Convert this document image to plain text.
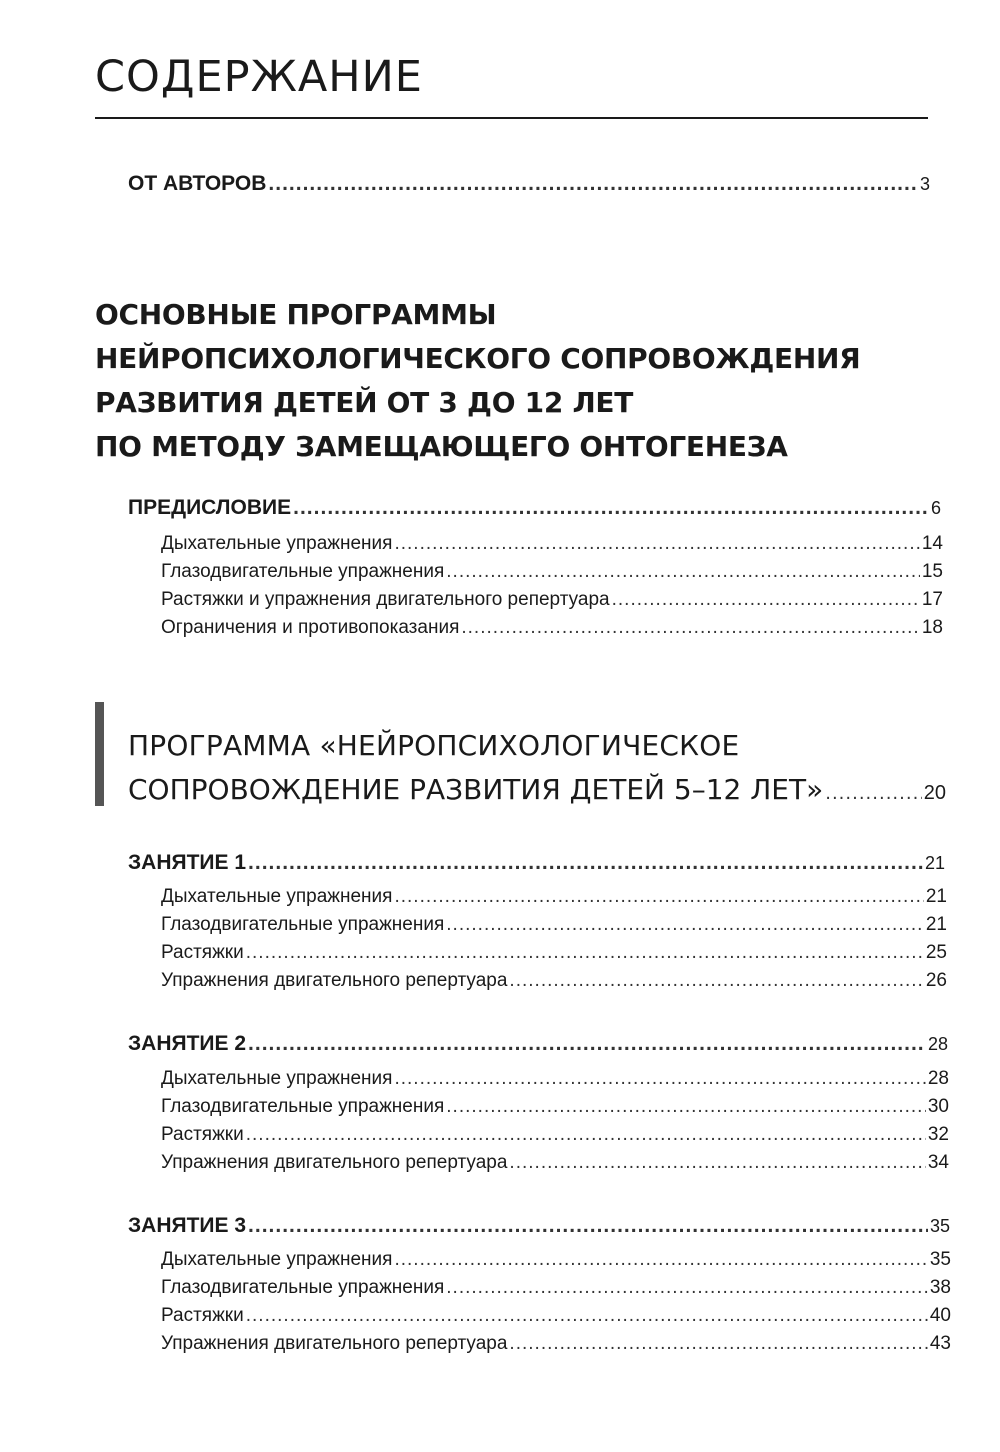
СОДЕРЖАНИЕ
ОТ АВТОРОВ .....	3
ОСНОВНЫЕ ПРОГРАММЫ
НЕЙРОПСИХОЛОГИЧЕСКОГО СОПРОВОЖДЕНИЯ
РАЗВИТИЯ ДЕТЕЙ ОТ 3 ДО 12 ЛЕТ
ПО МЕТОДУ ЗАМЕЩАЮЩЕГО ОНТОГЕНЕЗА
ПРЕДИСЛОВИЕ .....	6
Дыхательные упражнения .....	14
Глазодвигательные упражнения .....	15
Растяжки и упражнения двигательного репертуара .....	17
Ограничения и противопоказания .....	18
ПРОГРАММА «НЕЙРОПСИХОЛОГИЧЕСКОЕ
СОПРОВОЖДЕНИЕ РАЗВИТИЯ ДЕТЕЙ 5–12 ЛЕТ» .....	20
ЗАНЯТИЕ 1 .....	21
Дыхательные упражнения .....	21
Глазодвигательные упражнения .....	21
Растяжки .....	25
Упражнения двигательного репертуара .....	26
ЗАНЯТИЕ 2 .....	28
Дыхательные упражнения .....	28
Глазодвигательные упражнения .....	30
Растяжки .....	32
Упражнения двигательного репертуара .....	34
ЗАНЯТИЕ 3 .....	35
Дыхательные упражнения .....	35
Глазодвигательные упражнения .....	38
Растяжки .....	40
Упражнения двигательного репертуара .....	43
